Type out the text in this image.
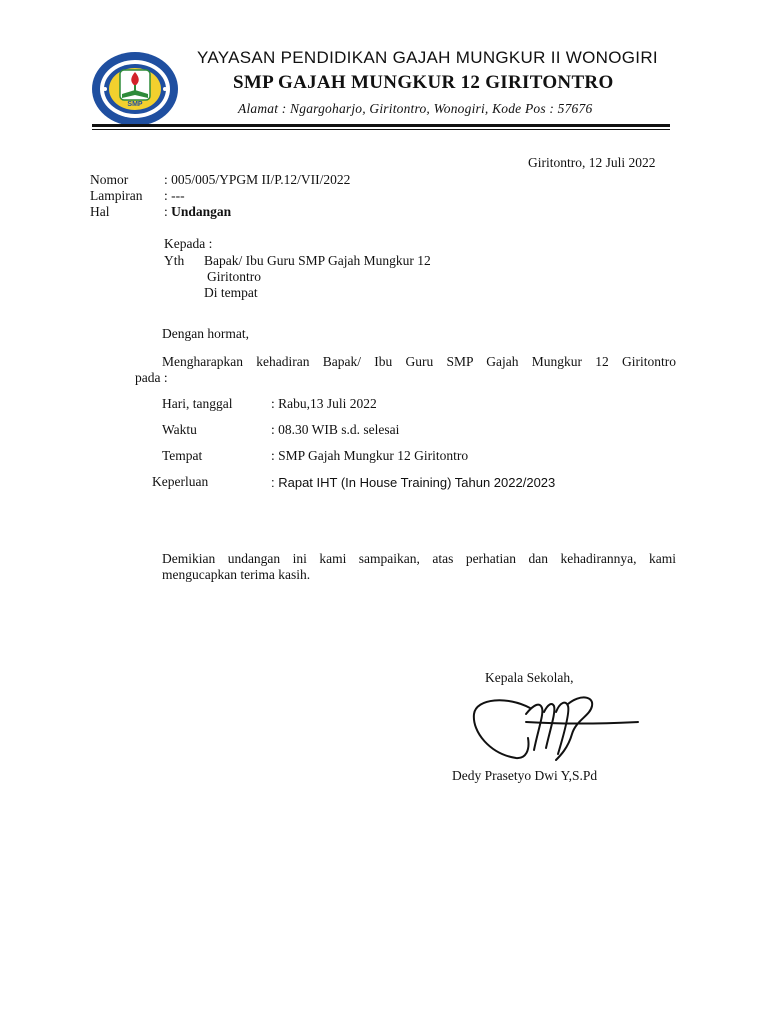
SMP
YAYASAN PENDIDIKAN GAJAH MUNGKUR II WONOGIRI
SMP GAJAH MUNGKUR 12 GIRITONTRO
Alamat : Ngargoharjo, Giritontro, Wonogiri, Kode Pos : 57676
Giritontro, 12 Juli 2022
Nomor	: 005/005/YPGM II/P.12/VII/2022
Lampiran : ---
Hal	: Undangan
Kepada :
Yth Bapak/ Ibu Guru SMP Gajah Mungkur 12
Giritontro
Di tempat
Dengan hormat,
Mengharapkan kehadiran Bapak/ Ibu Guru SMP Gajah Mungkur 12 Giritontro
pada :
Hari, tanggal	: Rabu,13 Juli 2022
Waktu	: 08.30 WIB s.d. selesai
Tempat	: SMP Gajah Mungkur 12 Giritontro
Keperluan	: Rapat IHT (In House Training) Tahun 2022/2023
Demikian undangan ini kami sampaikan, atas perhatian dan kehadirannya, kami
mengucapkan terima kasih.
Kepala Sekolah,
Dedy Prasetyo Dwi Y,S.Pd
